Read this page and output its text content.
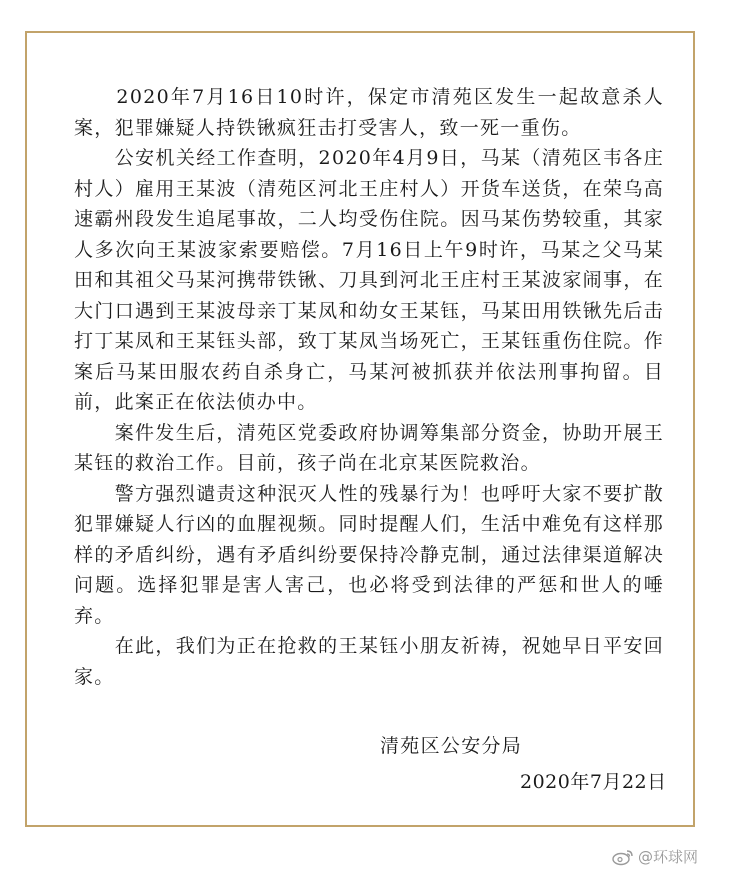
　　2020年7月16日10时许，保定市清苑区发生一起故意杀人案，犯罪嫌疑人持铁锹疯狂击打受害人，致一死一重伤。

　　公安机关经工作查明，2020年4月9日，马某（清苑区韦各庄村人）雇用王某波（清苑区河北王庄村人）开货车送货，在荣乌高速霸州段发生追尾事故，二人均受伤住院。因马某伤势较重，其家人多次向王某波家索要赔偿。7月16日上午9时许，马某之父马某田和其祖父马某河携带铁锹、刀具到河北王庄村王某波家闹事，在大门口遇到王某波母亲丁某凤和幼女王某钰，马某田用铁锹先后击打丁某凤和王某钰头部，致丁某凤当场死亡，王某钰重伤住院。作案后马某田服农药自杀身亡，马某河被抓获并依法刑事拘留。目前，此案正在依法侦办中。

　　案件发生后，清苑区党委政府协调筹集部分资金，协助开展王某钰的救治工作。目前，孩子尚在北京某医院救治。

　　警方强烈谴责这种泯灭人性的残暴行为！也呼吁大家不要扩散犯罪嫌疑人行凶的血腥视频。同时提醒人们，生活中难免有这样那样的矛盾纠纷，遇有矛盾纠纷要保持冷静克制，通过法律渠道解决问题。选择犯罪是害人害己，也必将受到法律的严惩和世人的唾弃。

　　在此，我们为正在抢救的王某钰小朋友祈祷，祝她早日平安回家。

清苑区公安分局
2020年7月22日
@环球网
